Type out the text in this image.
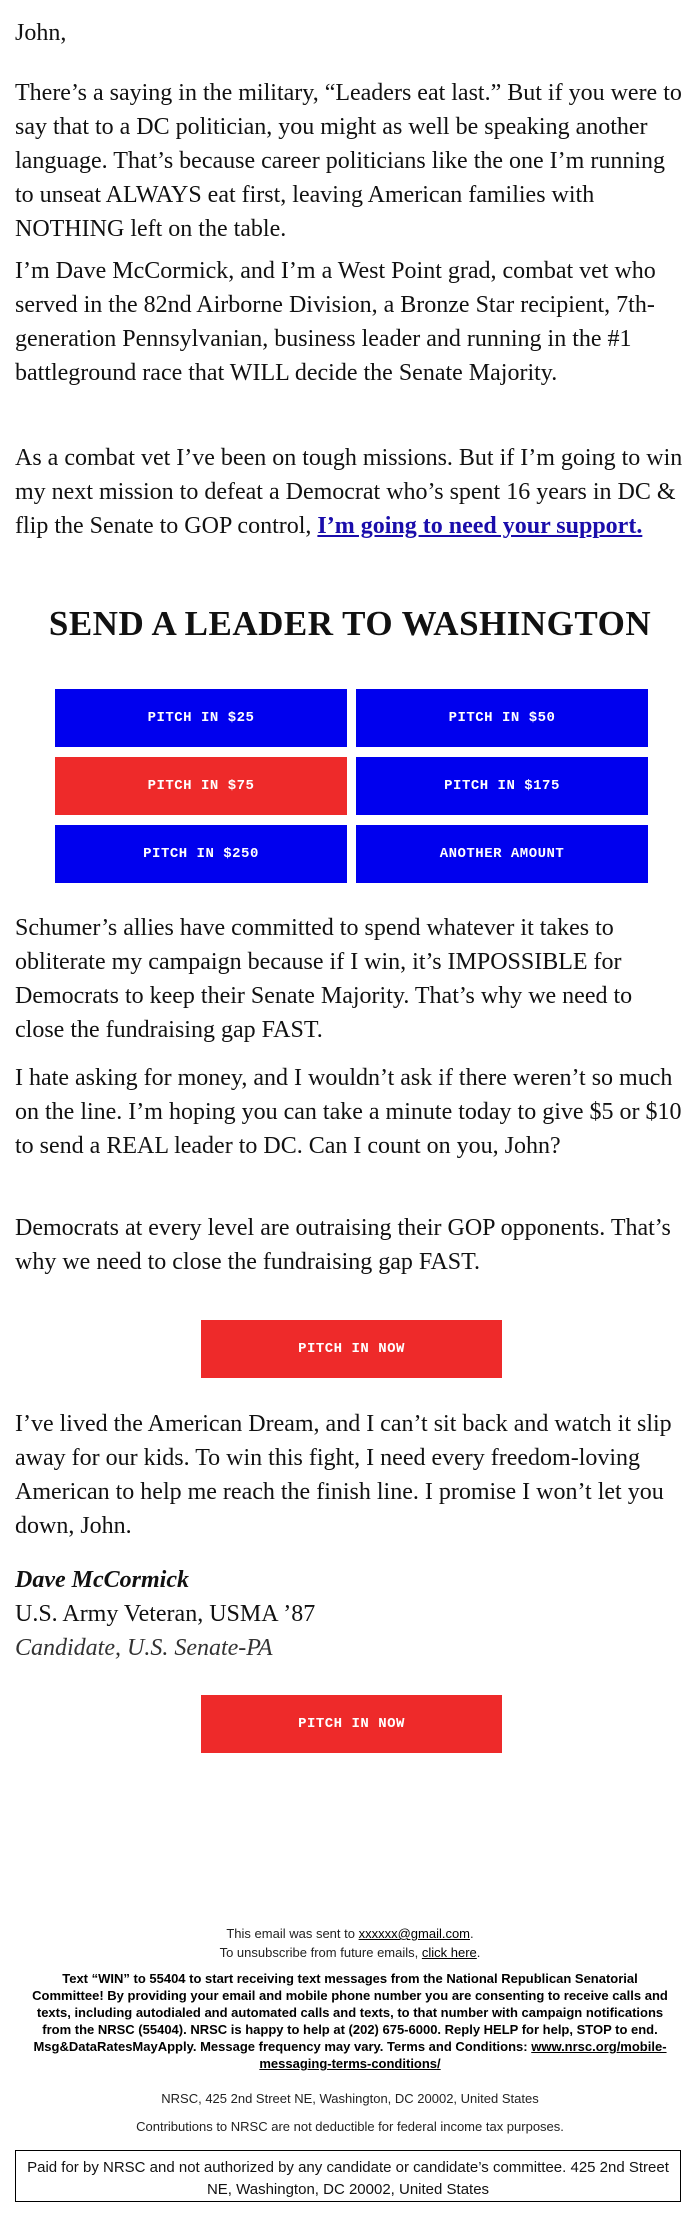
John,

There’s a saying in the military, “Leaders eat last.” But if you were to say that to a DC politician, you might as well be speaking another language. That’s because career politicians like the one I’m running to unseat ALWAYS eat first, leaving American families with NOTHING left on the table.

I’m Dave McCormick, and I’m a West Point grad, combat vet who served in the 82nd Airborne Division, a Bronze Star recipient, 7th-generation Pennsylvanian, business leader and running in the #1 battleground race that WILL decide the Senate Majority.

As a combat vet I’ve been on tough missions. But if I’m going to win my next mission to defeat a Democrat who’s spent 16 years in DC & flip the Senate to GOP control, I’m going to need your support.

SEND A LEADER TO WASHINGTON

Schumer’s allies have committed to spend whatever it takes to obliterate my campaign because if I win, it’s IMPOSSIBLE for Democrats to keep their Senate Majority. That’s why we need to close the fundraising gap FAST.

I hate asking for money, and I wouldn’t ask if there weren’t so much on the line. I’m hoping you can take a minute today to give $5 or $10 to send a REAL leader to DC. Can I count on you, John?

Democrats at every level are outraising their GOP opponents. That’s why we need to close the fundraising gap FAST.

I’ve lived the American Dream, and I can’t sit back and watch it slip away for our kids. To win this fight, I need every freedom-loving American to help me reach the finish line. I promise I won’t let you down, John.

Dave McCormick
U.S. Army Veteran, USMA ’87
Candidate, U.S. Senate-PA
PITCH IN $25	PITCH IN $50
PITCH IN $75	PITCH IN $175
PITCH IN $250	ANOTHER AMOUNT
PITCH IN NOW
PITCH IN NOW
This email was sent to xxxxxx@gmail.com.
To unsubscribe from future emails, click here.
Text “WIN” to 55404 to start receiving text messages from the National Republican Senatorial Committee! By providing your email and mobile phone number you are consenting to receive calls and texts, including autodialed and automated calls and texts, to that number with campaign notifications from the NRSC (55404). NRSC is happy to help at (202) 675-6000. Reply HELP for help, STOP to end. Msg&DataRatesMayApply. Message frequency may vary. Terms and Conditions: www.nrsc.org/mobile-messaging-terms-conditions/
NRSC, 425 2nd Street NE, Washington, DC 20002, United States
Contributions to NRSC are not deductible for federal income tax purposes.
Paid for by NRSC and not authorized by any candidate or candidate’s committee. 425 2nd Street NE, Washington, DC 20002, United States
